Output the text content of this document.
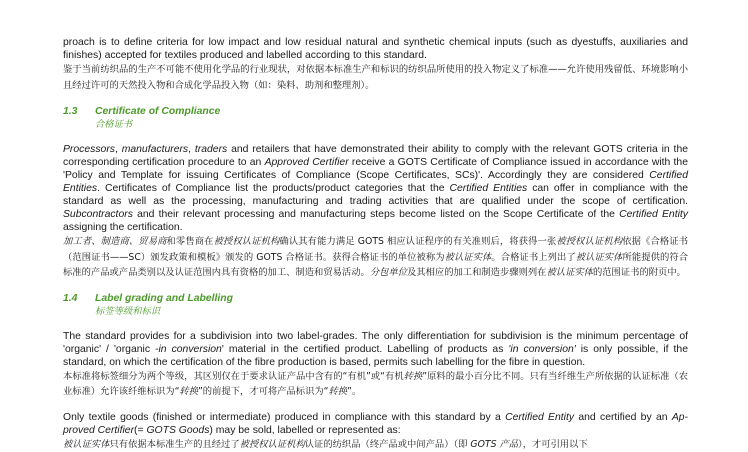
proach is to define criteria for low impact and low residual natural and synthetic chemical inputs (such as dyestuffs, auxiliaries and finishes) accepted for textiles produced and labelled according to this standard.

鉴于当前纺织品的生产不可能不使用化学品的行业现状，对依据本标准生产和标识的纺织品所使用的投入物定义了标准——允许使用残留低、环境影响小且经过许可的天然投入物和合成化学品投入物（如：染料、助剂和整理剂）。

1.3 Certificate of Compliance
合格证书

Processors, manufacturers, traders and retailers that have demonstrated their ability to comply with the relevant GOTS criteria in the corresponding certification procedure to an Approved Certifier receive a GOTS Certificate of Compliance issued in accordance with the 'Policy and Template for issuing Certificates of Compliance (Scope Certificates, SCs)'. Accordingly they are considered Certified Entities. Certificates of Compliance list the products/product categories that the Certified Entities can offer in compliance with the standard as well as the processing, manufacturing and trading activities that are qualified under the scope of certification. Subcontractors and their relevant processing and manufacturing steps become listed on the Scope Certificate of the Certified Entity assigning the certification.

加工者、制造商、贸易商和零售商在被授权认证机构确认其有能力满足 GOTS 相应认证程序的有关准则后，将获得一张被授权认证机构依据《合格证书（范围证书——SC）颁发政策和模板》颁发的 GOTS 合格证书。获得合格证书的单位被称为被认证实体。合格证书上列出了被认证实体所能提供的符合标准的产品或产品类别以及认证范围内具有资格的加工、制造和贸易活动。分包单位及其相应的加工和制造步骤则列在被认证实体的范围证书的附页中。

1.4 Label grading and Labelling
标签等级和标识

The standard provides for a subdivision into two label-grades. The only differentiation for subdivision is the minimum percentage of 'organic' / 'organic -in conversion' material in the certified product. Labelling of products as 'in conversion' is only possible, if the standard, on which the certification of the fibre production is based, permits such labelling for the fibre in question.

本标准将标签细分为两个等级，其区别仅在于要求认证产品中含有的“有机”或“有机转换”原料的最小百分比不同。只有当纤维生产所依据的认证标准（农业标准）允许该纤维标识为“转换”的前提下，才可将产品标识为“转换”。

Only textile goods (finished or intermediate) produced in compliance with this standard by a Certified Entity and certified by an Ap-proved Certifier(= GOTS Goods) may be sold, labelled or represented as:

被认证实体只有依据本标准生产的且经过了被授权认证机构认证的纺织品（终产品或中间产品）（即 GOTS 产品），才可引用以下
